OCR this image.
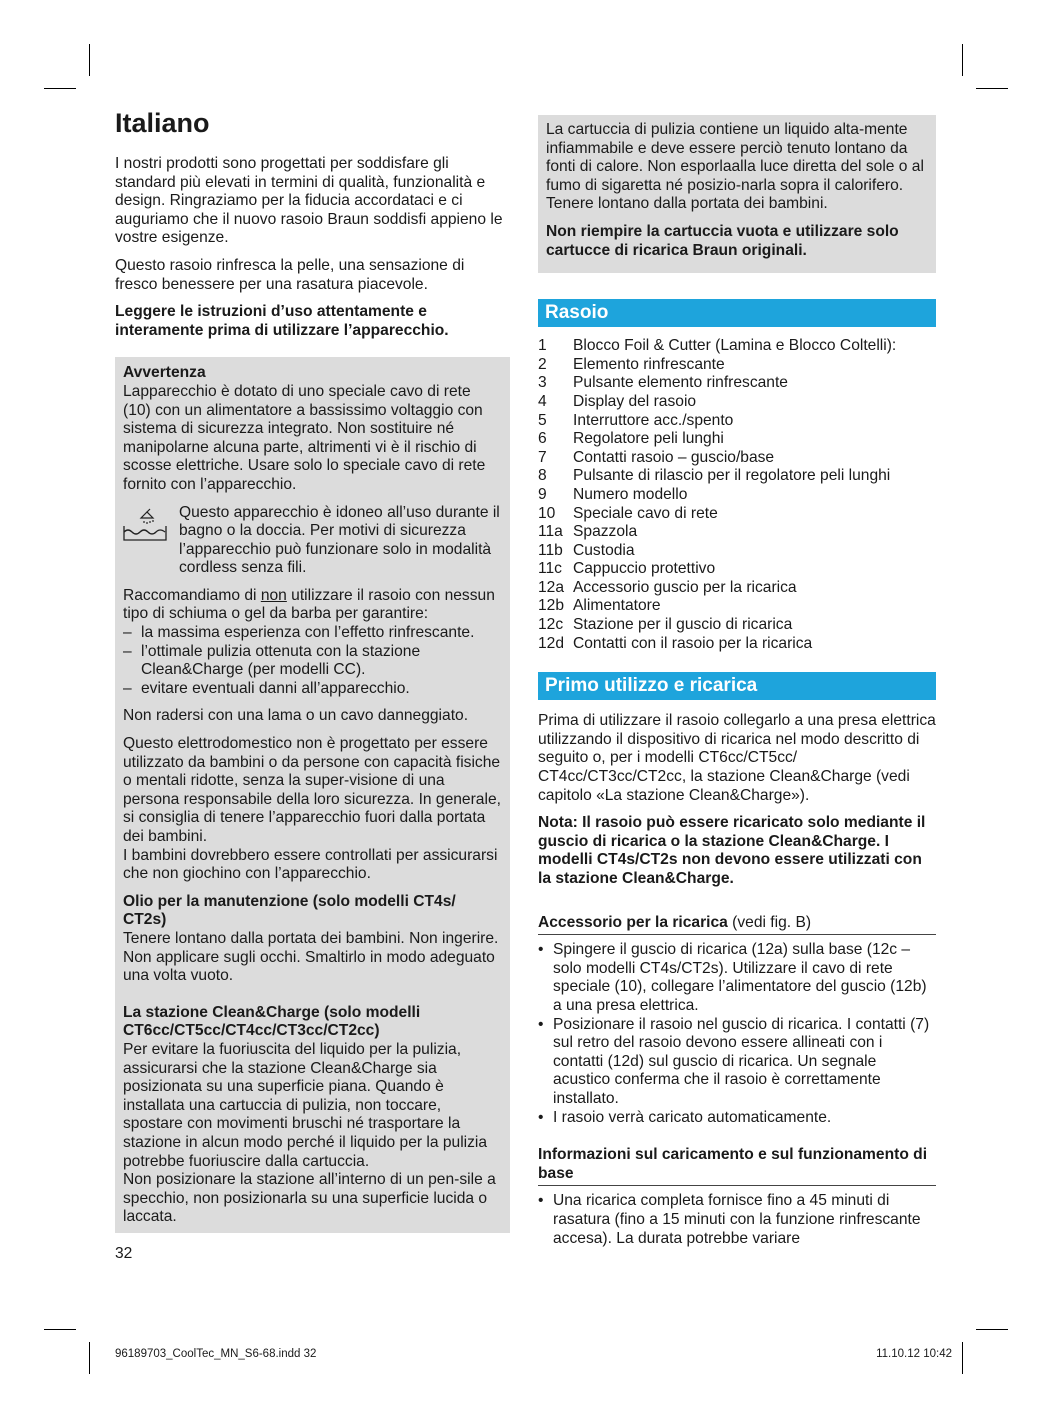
Italiano

I nostri prodotti sono progettati per soddisfare gli standard più elevati in termini di qualità, funzionalità e design. Ringraziamo per la fiducia accordataci e ci auguriamo che il nuovo rasoio Braun soddisfi appieno le vostre esigenze.

Questo rasoio rinfresca la pelle, una sensazione di fresco benessere per una rasatura piacevole.

Leggere le istruzioni d’uso attentamente e interamente prima di utilizzare l’apparecchio.

Avvertenza

Lapparecchio è dotato di uno speciale cavo di rete (10) con un alimentatore a bassissimo voltaggio con sistema di sicurezza integrato. Non sostituire né manipolarne alcuna parte, altrimenti vi è il rischio di scosse elettriche. Usare solo lo speciale cavo di rete fornito con l’apparecchio.

Questo apparecchio è idoneo all’uso durante il bagno o la doccia. Per motivi di sicurezza l’apparecchio può funzionare solo in modalità cordless senza fili.
Raccomandiamo di non utilizzare il rasoio con nessun tipo di schiuma o gel da barba per garantire:
– la massima esperienza con l’effetto rinfrescante.
– l’ottimale pulizia ottenuta con la stazione Clean&Charge (per modelli CC).
– evitare eventuali danni all’apparecchio.

Non radersi con una lama o un cavo danneggiato.

Questo elettrodomestico non è progettato per essere utilizzato da bambini o da persone con capacità fisiche o mentali ridotte, senza la super-visione di una persona responsabile della loro sicurezza. In generale, si consiglia di tenere l’apparecchio fuori dalla portata dei bambini.

I bambini dovrebbero essere controllati per assicurarsi che non giochino con l’apparecchio.

Olio per la manutenzione (solo modelli CT4s/ CT2s)

Tenere lontano dalla portata dei bambini. Non ingerire. Non applicare sugli occhi. Smaltirlo in modo adeguato una volta vuoto.

La stazione Clean&Charge (solo modelli CT6cc/CT5cc/CT4cc/CT3cc/CT2cc)
Per evitare la fuoriuscita del liquido per la pulizia, assicurarsi che la stazione Clean&Charge sia posizionata su una superficie piana. Quando è installata una cartuccia di pulizia, non toccare, spostare con movimenti bruschi né trasportare la stazione in alcun modo perché il liquido per la pulizia potrebbe fuoriuscire dalla cartuccia.
Non posizionare la stazione all’interno di un pen-sile a specchio, non posizionarla su una superficie lucida o laccata.
32

La cartuccia di pulizia contiene un liquido alta-mente infiammabile e deve essere perciò tenuto lontano da fonti di calore. Non esporlaalla luce diretta del sole o al fumo di sigaretta né posizio-narla sopra il calorifero. Tenere lontano dalla portata dei bambini.

Non riempire la cartuccia vuota e utilizzare solo cartucce di ricarica Braun originali.

Rasoio
1	Blocco Foil & Cutter (Lamina e Blocco Coltelli):
2	Elemento rinfrescante
3	Pulsante elemento rinfrescante
4	Display del rasoio
5	Interruttore acc./spento
6	Regolatore peli lunghi
7	Contatti rasoio – guscio/base
8	Pulsante di rilascio per il regolatore peli lunghi
9	Numero modello
10	Speciale cavo di rete
11a Spazzola
11b Custodia
11c Cappuccio protettivo
12a Accessorio guscio per la ricarica
12b Alimentatore
12c Stazione per il guscio di ricarica
12d Contatti con il rasoio per la ricarica
Primo utilizzo e ricarica

Prima di utilizzare il rasoio collegarlo a una presa elettrica utilizzando il dispositivo di ricarica nel modo descritto di seguito o, per i modelli CT6cc/CT5cc/ CT4cc/CT3cc/CT2cc, la stazione Clean&Charge (vedi capitolo «La stazione Clean&Charge»).

Nota: Il rasoio può essere ricaricato solo mediante il guscio di ricarica o la stazione Clean&Charge. I modelli CT4s/CT2s non devono essere utilizzati con la stazione Clean&Charge.

Accessorio per la ricarica (vedi fig. B)
• Spingere il guscio di ricarica (12a) sulla base (12c – solo modelli CT4s/CT2s). Utilizzare il cavo di rete speciale (10), collegare l’alimentatore del guscio (12b) a una presa elettrica.
• Posizionare il rasoio nel guscio di ricarica. I contatti (7) sul retro del rasoio devono essere allineati con i contatti (12d) sul guscio di ricarica. Un segnale acustico conferma che il rasoio è correttamente installato.
• I rasoio verrà caricato automaticamente.
Informazioni sul caricamento e sul funzionamento di base
• Una ricarica completa fornisce fino a 45 minuti di rasatura (fino a 15 minuti con la funzione rinfrescante accesa). La durata potrebbe variare
96189703_CoolTec_MN_S6-68.indd 32	11.10.12 10:42
